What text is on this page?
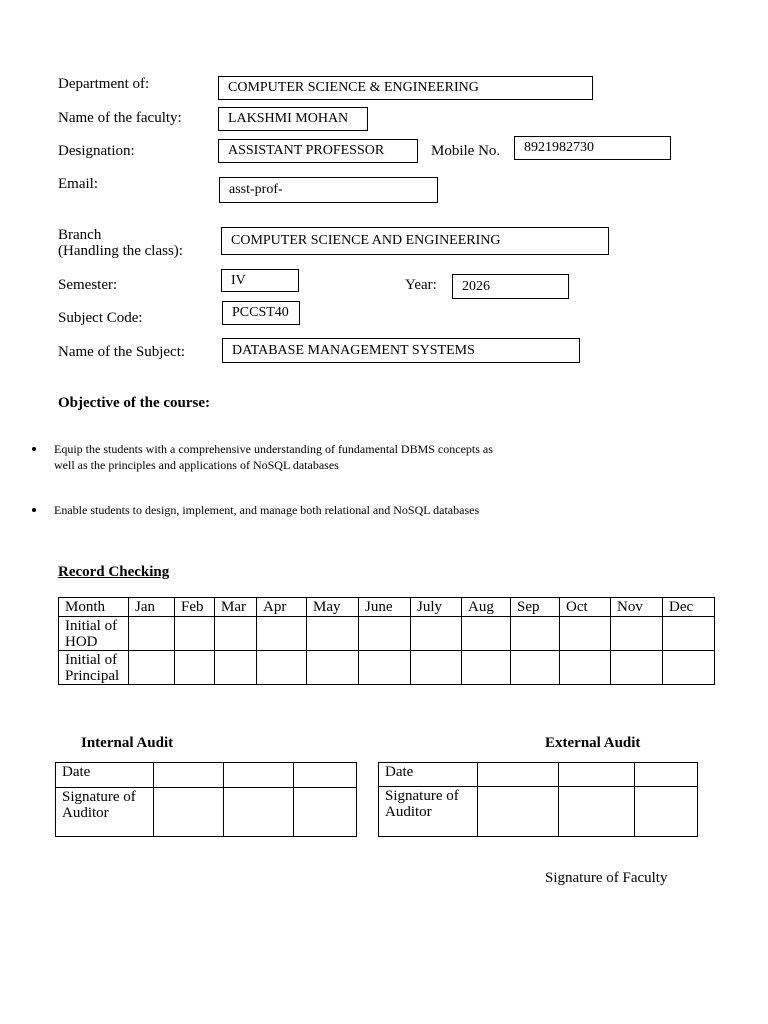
Department of:	COMPUTER SCIENCE & ENGINEERING
Name of the faculty:	LAKSHMI MOHAN
Designation:	ASSISTANT PROFESSOR	Mobile No. 8921982730
Email:	asst-prof-
Branch
(Handling the class):
COMPUTER SCIENCE AND ENGINEERING
Semester:	IV	Year: 2026
Subject Code:	PCCST40
Name of the Subject:	DATABASE MANAGEMENT SYSTEMS
Objective of the course:
Equip the students with a comprehensive understanding of fundamental DBMS concepts as
well as the principles and applications of NoSQL databases
Enable students to design, implement, and manage both relational and NoSQL databases
Record Checking
Month	Jan	Feb	Mar	Apr	May	June	July	Aug	Sep	Oct	Nov	Dec
Initial of
HOD												
Initial of
Principal												
Internal Audit
Date			
Signature of
Auditor			
External Audit
Date			
Signature of
Auditor			
Signature of Faculty
